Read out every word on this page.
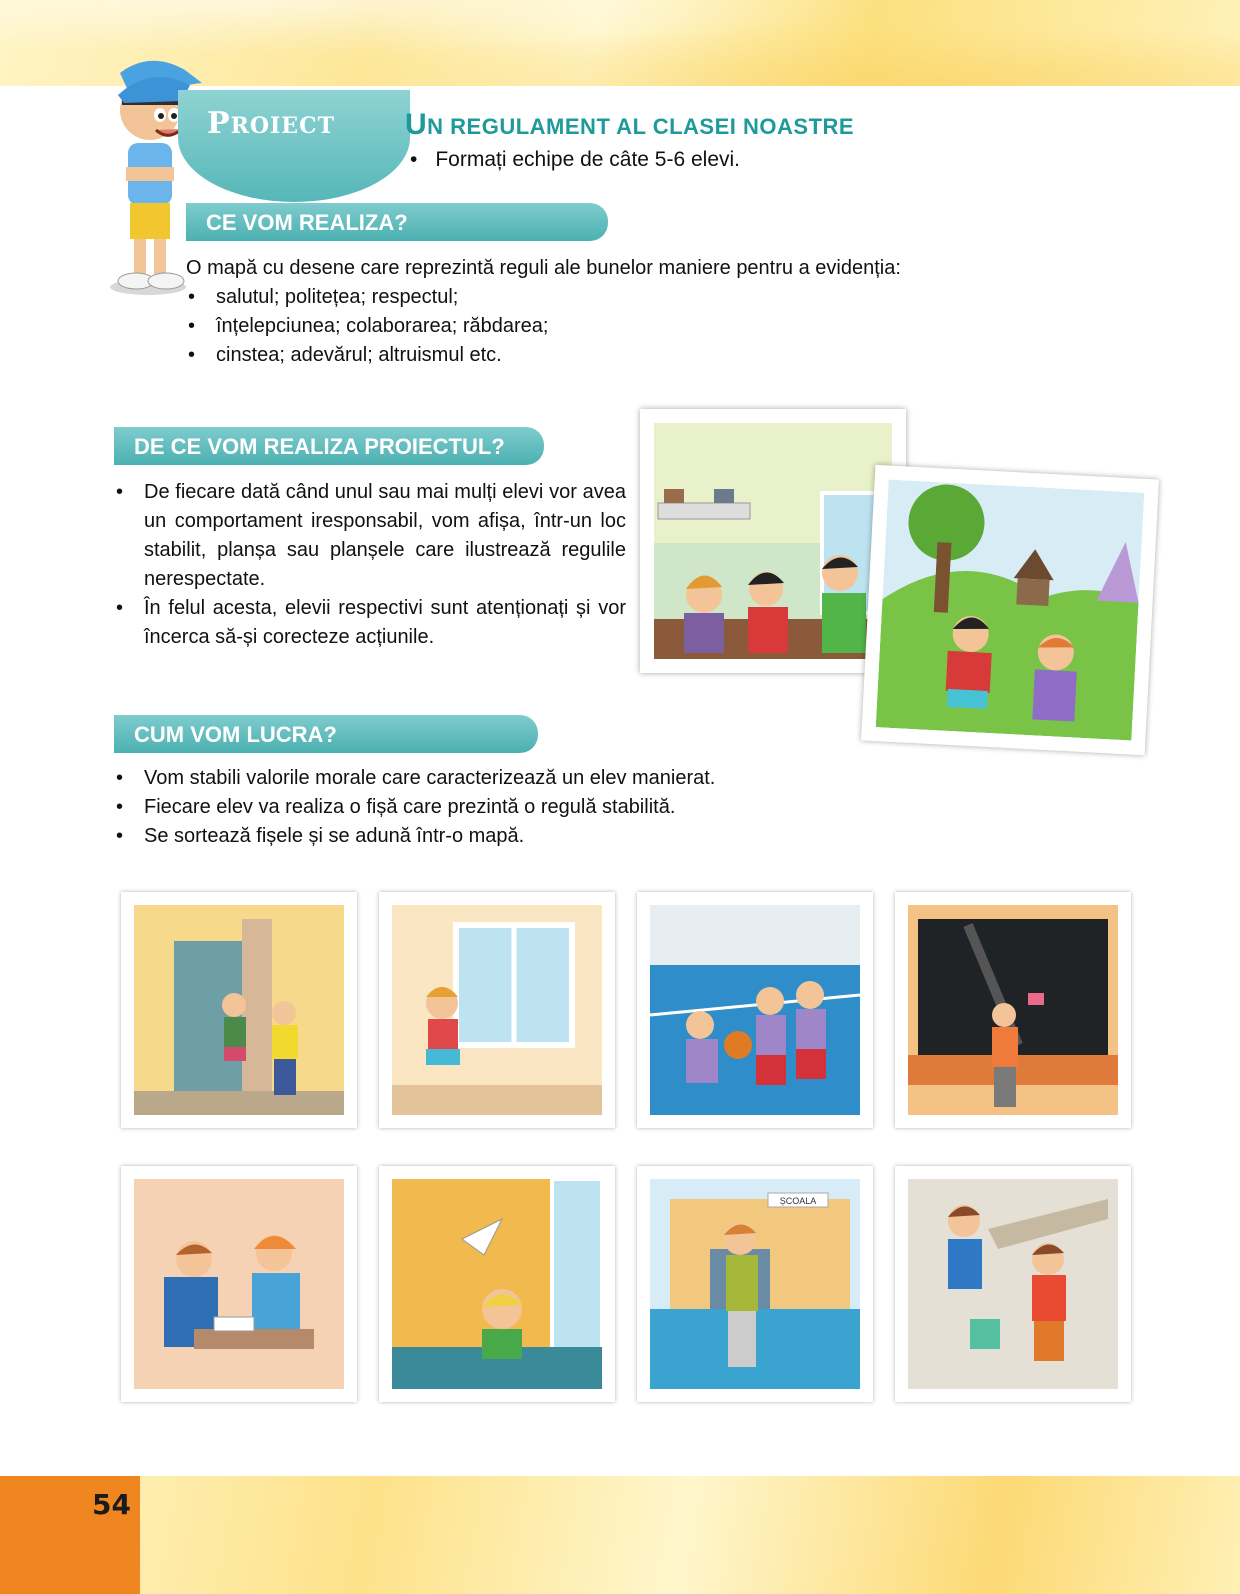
PROIECT UN REGULAMENT AL CLASEI NOASTRE
• Formați echipe de câte 5-6 elevi.
CE VOM REALIZA?
O mapă cu desene care reprezintă reguli ale bunelor maniere pentru a evidenția:
• salutul; politețea; respectul;
• înțelepciunea; colaborarea; răbdarea;
• cinstea; adevărul; altruismul etc.
DE CE VOM REALIZA PROIECTUL?
• De fiecare dată când unul sau mai mulți elevi vor avea un comportament iresponsabil, vom afișa, într-un loc stabilit, planșa sau planșele care ilustrează regulile nerespectate.
• În felul acesta, elevii respectivi sunt atenționați și vor încerca să-și corecteze acțiunile.
CUM VOM LUCRA?
• Vom stabili valorile morale care caracterizează un elev manierat.
• Fiecare elev va realiza o fișă care prezintă o regulă stabilită.
• Se sortează fișele și se adună într-o mapă.
ȘCOALA
54
